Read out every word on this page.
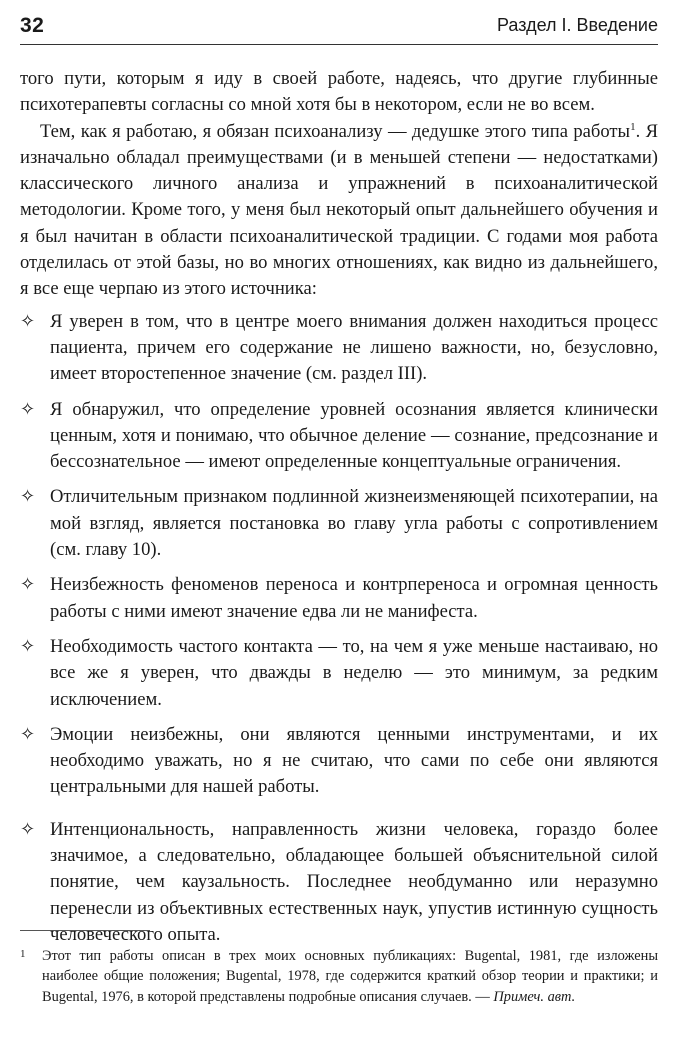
32	Раздел I. Введение

того пути, которым я иду в своей работе, надеясь, что другие глубинные психотерапевты согласны со мной хотя бы в некотором, если не во всем.

Тем, как я работаю, я обязан психоанализу — дедушке этого типа работы$^1$. Я изначально обладал преимуществами (и в меньшей степени — недостатками) классического личного анализа и упражнений в психоаналитической методологии. Кроме того, у меня был некоторый опыт дальнейшего обучения и я был начитан в области психоаналитической традиции. С годами моя работа отделилась от этой базы, но во многих отношениях, как видно из дальнейшего, я все еще черпаю из этого источника:

✧ Я уверен в том, что в центре моего внимания должен находиться процесс пациента, причем его содержание не лишено важности, но, безусловно, имеет второстепенное значение (см. раздел III).
✧ Я обнаружил, что определение уровней осознания является клинически ценным, хотя и понимаю, что обычное деление — сознание, предсознание и бессознательное — имеют определенные концептуальные ограничения.
✧ Отличительным признаком подлинной жизнеизменяющей психотерапии, на мой взгляд, является постановка во главу угла работы с сопротивлением (см. главу 10).
✧ Неизбежность феноменов переноса и контрпереноса и огромная ценность работы с ними имеют значение едва ли не манифеста.
✧ Необходимость частого контакта — то, на чем я уже меньше настаиваю, но все же я уверен, что дважды в неделю — это минимум, за редким исключением.
✧ Эмоции неизбежны, они являются ценными инструментами, и их необходимо уважать, но я не считаю, что сами по себе они являются центральными для нашей работы.
✧ Интенциональность, направленность жизни человека, гораздо более значимое, а следовательно, обладающее большей объяснительной силой понятие, чем каузальность. Последнее необдуманно или неразумно перенесли из объективных естественных наук, упустив истинную сущность человеческого опыта.
1	Этот тип работы описан в трех моих основных публикациях: Bugental, 1981, где изложены наиболее общие положения; Bugental, 1978, где содержится краткий обзор теории и практики; и Bugental, 1976, в которой представлены подробные описания случаев. — Примеч. авт.
